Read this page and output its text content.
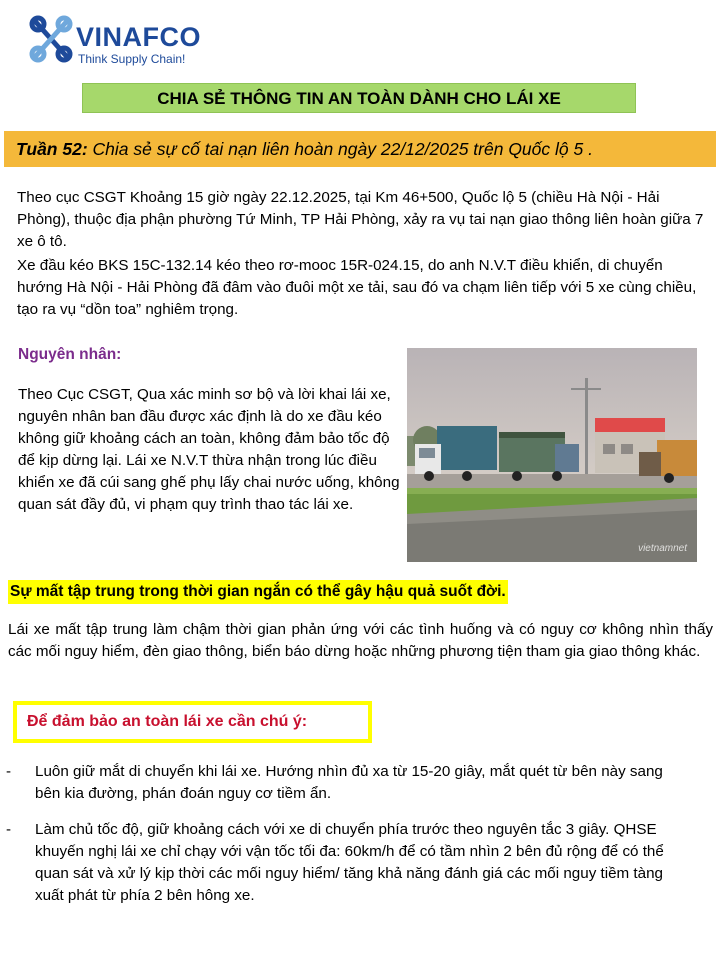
VINAFCO
Think Supply Chain!
CHIA SẺ THÔNG TIN AN TOÀN DÀNH CHO LÁI XE
Tuần 52: Chia sẻ sự cố tai nạn liên hoàn ngày 22/12/2025 trên Quốc lộ 5 .
Theo cục CSGT Khoảng 15 giờ ngày 22.12.2025, tại Km 46+500, Quốc lộ 5 (chiều Hà Nội - Hải Phòng), thuộc địa phận phường Tứ Minh, TP Hải Phòng, xảy ra vụ tai nạn giao thông liên hoàn giữa 7 xe ô tô.
Xe đầu kéo BKS 15C-132.14 kéo theo rơ-mooc 15R-024.15, do anh N.V.T điều khiển, di chuyển hướng Hà Nội - Hải Phòng đã đâm vào đuôi một xe tải, sau đó va chạm liên tiếp với 5 xe cùng chiều, tạo ra vụ “dồn toa” nghiêm trọng.
Nguyên nhân:
Theo Cục CSGT, Qua xác minh sơ bộ và lời khai lái xe, nguyên nhân ban đầu được xác định là do xe đầu kéo không giữ khoảng cách an toàn, không đảm bảo tốc độ để kịp dừng lại. Lái xe N.V.T thừa nhận trong lúc điều khiển xe đã cúi sang ghế phụ lấy chai nước uống, không quan sát đầy đủ, vi phạm quy trình thao tác lái xe.
vietnamnet
Sự mất tập trung trong thời gian ngắn có thể gây hậu quả suốt đời.
Lái xe mất tập trung làm chậm thời gian phản ứng với các tình huống và có nguy cơ không nhìn thấy các mối nguy hiểm, đèn giao thông, biển báo dừng hoặc những phương tiện tham gia giao thông khác.
Để đảm bảo an toàn lái xe cần chú ý:
- Luôn giữ mắt di chuyển khi lái xe. Hướng nhìn đủ xa từ 15-20 giây, mắt quét từ bên này sang bên kia đường, phán đoán nguy cơ tiềm ẩn.
- Làm chủ tốc độ, giữ khoảng cách với xe di chuyển phía trước theo nguyên tắc 3 giây. QHSE khuyến nghị lái xe chỉ chạy với vận tốc tối đa: 60km/h để có tầm nhìn 2 bên đủ rộng để có thể quan sát và xử lý kịp thời các mối nguy hiểm/ tăng khả năng đánh giá các mối nguy tiềm tàng xuất phát từ phía 2 bên hông xe.
